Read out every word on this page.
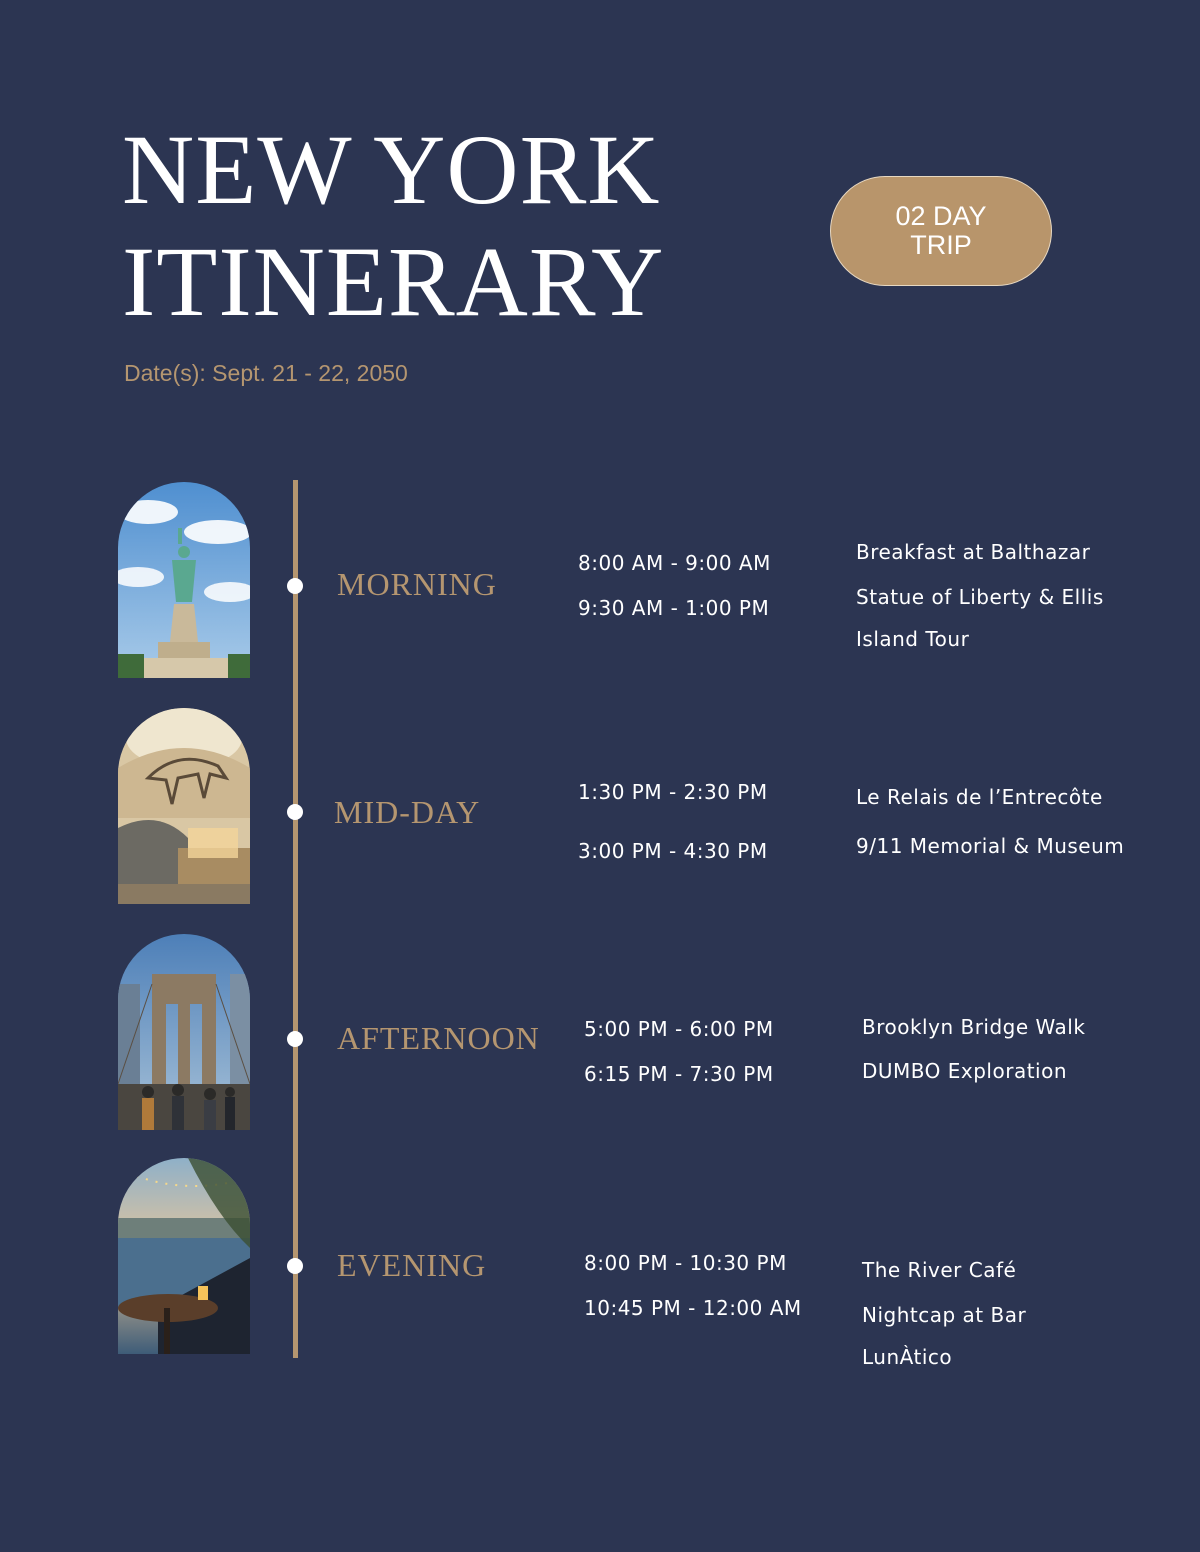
NEW YORK
ITINERARY
Date(s): Sept. 21 - 22, 2050
02 DAY
TRIP
MORNING
8:00 AM - 9:00 AM
9:30 AM - 1:00 PM
Breakfast at Balthazar
Statue of Liberty & Ellis
Island Tour
MID-DAY
1:30 PM - 2:30 PM
3:00 PM - 4:30 PM
Le Relais de l’Entrecôte
9/11 Memorial & Museum
AFTERNOON 5:00 PM - 6:00 PM
6:15 PM - 7:30 PM
Brooklyn Bridge Walk
DUMBO Exploration
EVENING	8:00 PM - 10:30 PM
10:45 PM - 12:00 AM
The River Café
Nightcap at Bar
LunÀtico
